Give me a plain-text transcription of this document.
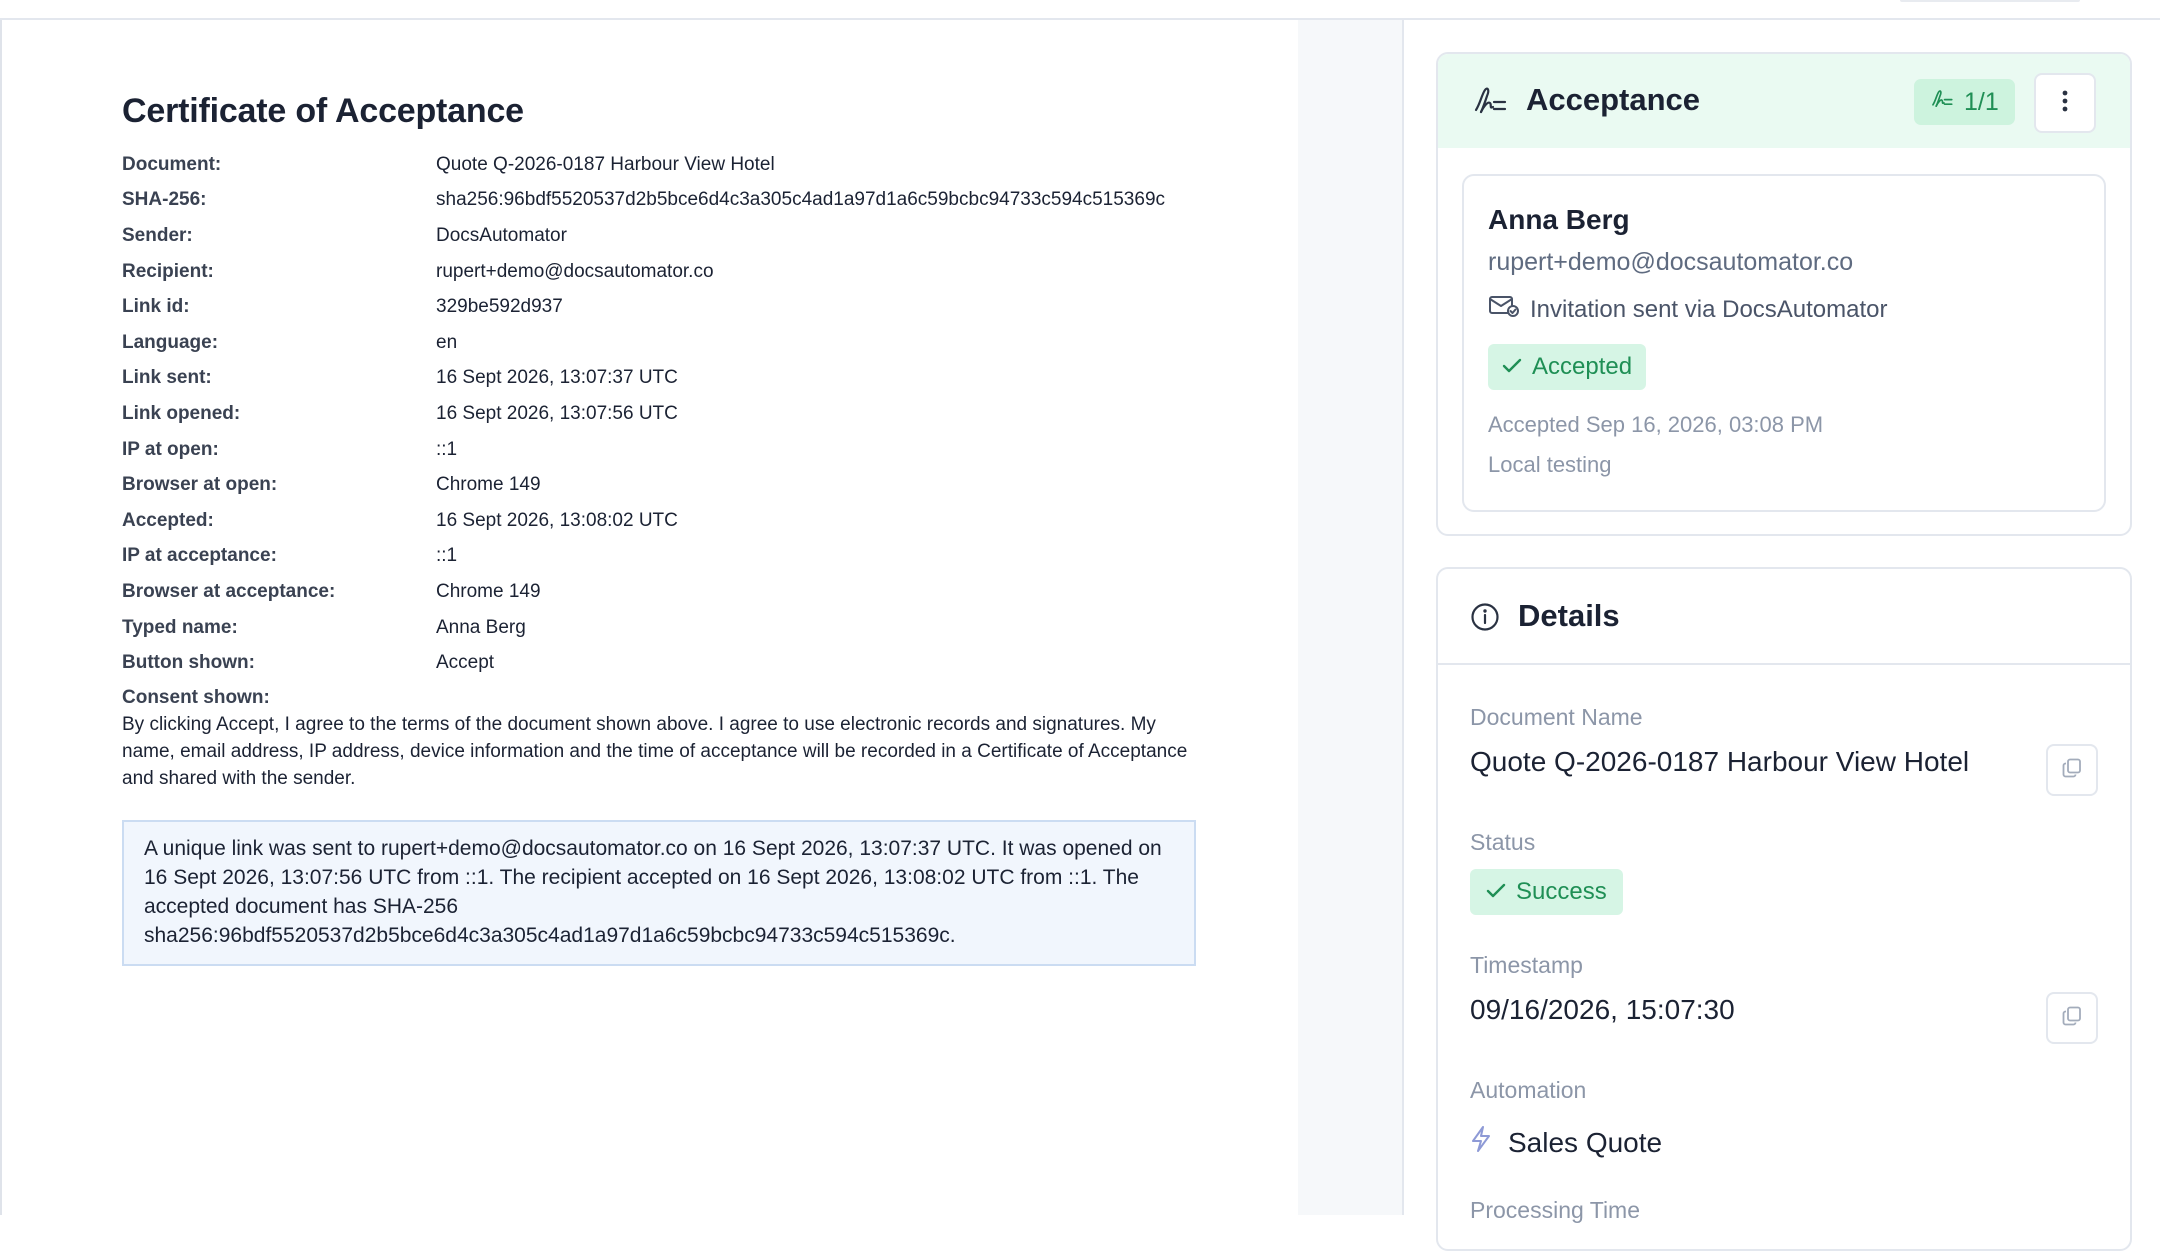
Certificate of Acceptance
Document:	Quote Q-2026-0187 Harbour View Hotel
SHA-256:	sha256:96bdf5520537d2b5bce6d4c3a305c4ad1a97d1a6c59bcbc94733c594c515369c
Sender:	DocsAutomator
Recipient:	rupert+demo@docsautomator.co
Link id:	329be592d937
Language:	en
Link sent:	16 Sept 2026, 13:07:37 UTC
Link opened:	16 Sept 2026, 13:07:56 UTC
IP at open:	::1
Browser at open:	Chrome 149
Accepted:	16 Sept 2026, 13:08:02 UTC
IP at acceptance:	::1
Browser at acceptance:	Chrome 149
Typed name:	Anna Berg
Button shown:	Accept
Consent shown:
By clicking Accept, I agree to the terms of the document shown above. I agree to use electronic records and signatures. My name, email address, IP address, device information and the time of acceptance will be recorded in a Certificate of Acceptance and shared with the sender.
A unique link was sent to rupert+demo@docsautomator.co on 16 Sept 2026, 13:07:37 UTC. It was opened on 16 Sept 2026, 13:07:56 UTC from ::1. The recipient accepted on 16 Sept 2026, 13:08:02 UTC from ::1. The accepted document has SHA-256 sha256:96bdf5520537d2b5bce6d4c3a305c4ad1a97d1a6c59bcbc94733c594c515369c.
Acceptance	1/1
Anna Berg
rupert+demo@docsautomator.co
Invitation sent via DocsAutomator
Accepted
Accepted Sep 16, 2026, 03:08 PM
Local testing
Details
Document Name
Quote Q-2026-0187 Harbour View Hotel
Status
Success
Timestamp
09/16/2026, 15:07:30
Automation
Sales Quote
Processing Time
